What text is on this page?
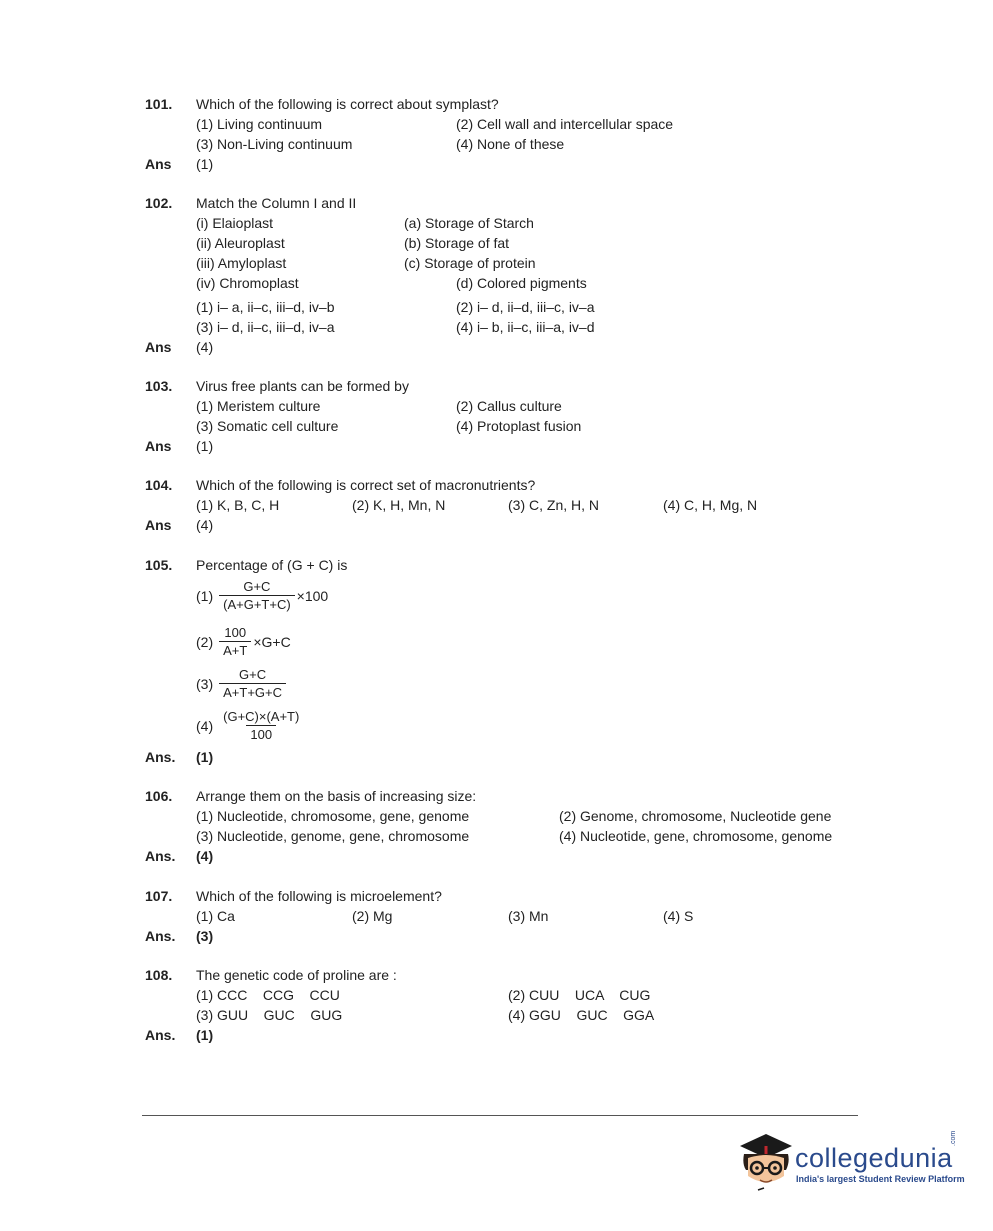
101. Which of the following is correct about symplast?
(1) Living continuum	(2) Cell wall and intercellular space
(3) Non-Living continuum	(4) None of these
Ans (1)
102. Match the Column I and II
(i) Elaioplast	(a) Storage of Starch
(ii) Aleuroplast	(b) Storage of fat
(iii) Amyloplast	(c) Storage of protein
(iv) Chromoplast	(d) Colored pigments
(1) i– a, ii–c, iii–d, iv–b	(2) i– d, ii–d, iii–c, iv–a
(3) i– d, ii–c, iii–d, iv–a	(4) i– b, ii–c, iii–a, iv–d
Ans (4)
103. Virus free plants can be formed by
(1) Meristem culture	(2) Callus culture
(3) Somatic cell culture	(4) Protoplast fusion
Ans (1)
104. Which of the following is correct set of macronutrients?
(1) K, B, C, H	(2) K, H, Mn, N	(3) C, Zn, H, N	(4) C, H, Mg, N
Ans (4)
105. Percentage of (G + C) is
$(1) \frac{G+C}{(A+G+T+C)} \times 100$
$(2) \frac{100}{A+T} \times G+C$
$(3) \frac{G+C}{A+T+G+C}$
$(4) \frac{(G+C)\times(A+T)}{100}$
Ans. (1)
106. Arrange them on the basis of increasing size:
(1) Nucleotide, chromosome, gene, genome	(2) Genome, chromosome, Nucleotide gene
(3) Nucleotide, genome, gene, chromosome	(4) Nucleotide, gene, chromosome, genome
Ans. (4)
107. Which of the following is microelement?
(1) Ca	(2) Mg	(3) Mn	(4) S
Ans. (3)
108. The genetic code of proline are :
(1) CCC    CCG    CCU	(2) CUU    UCA    CUG
(3) GUU    GUC    GUG	(4) GGU    GUC    GGA
Ans. (1)
collegedunia
.com
India's largest Student Review Platform
